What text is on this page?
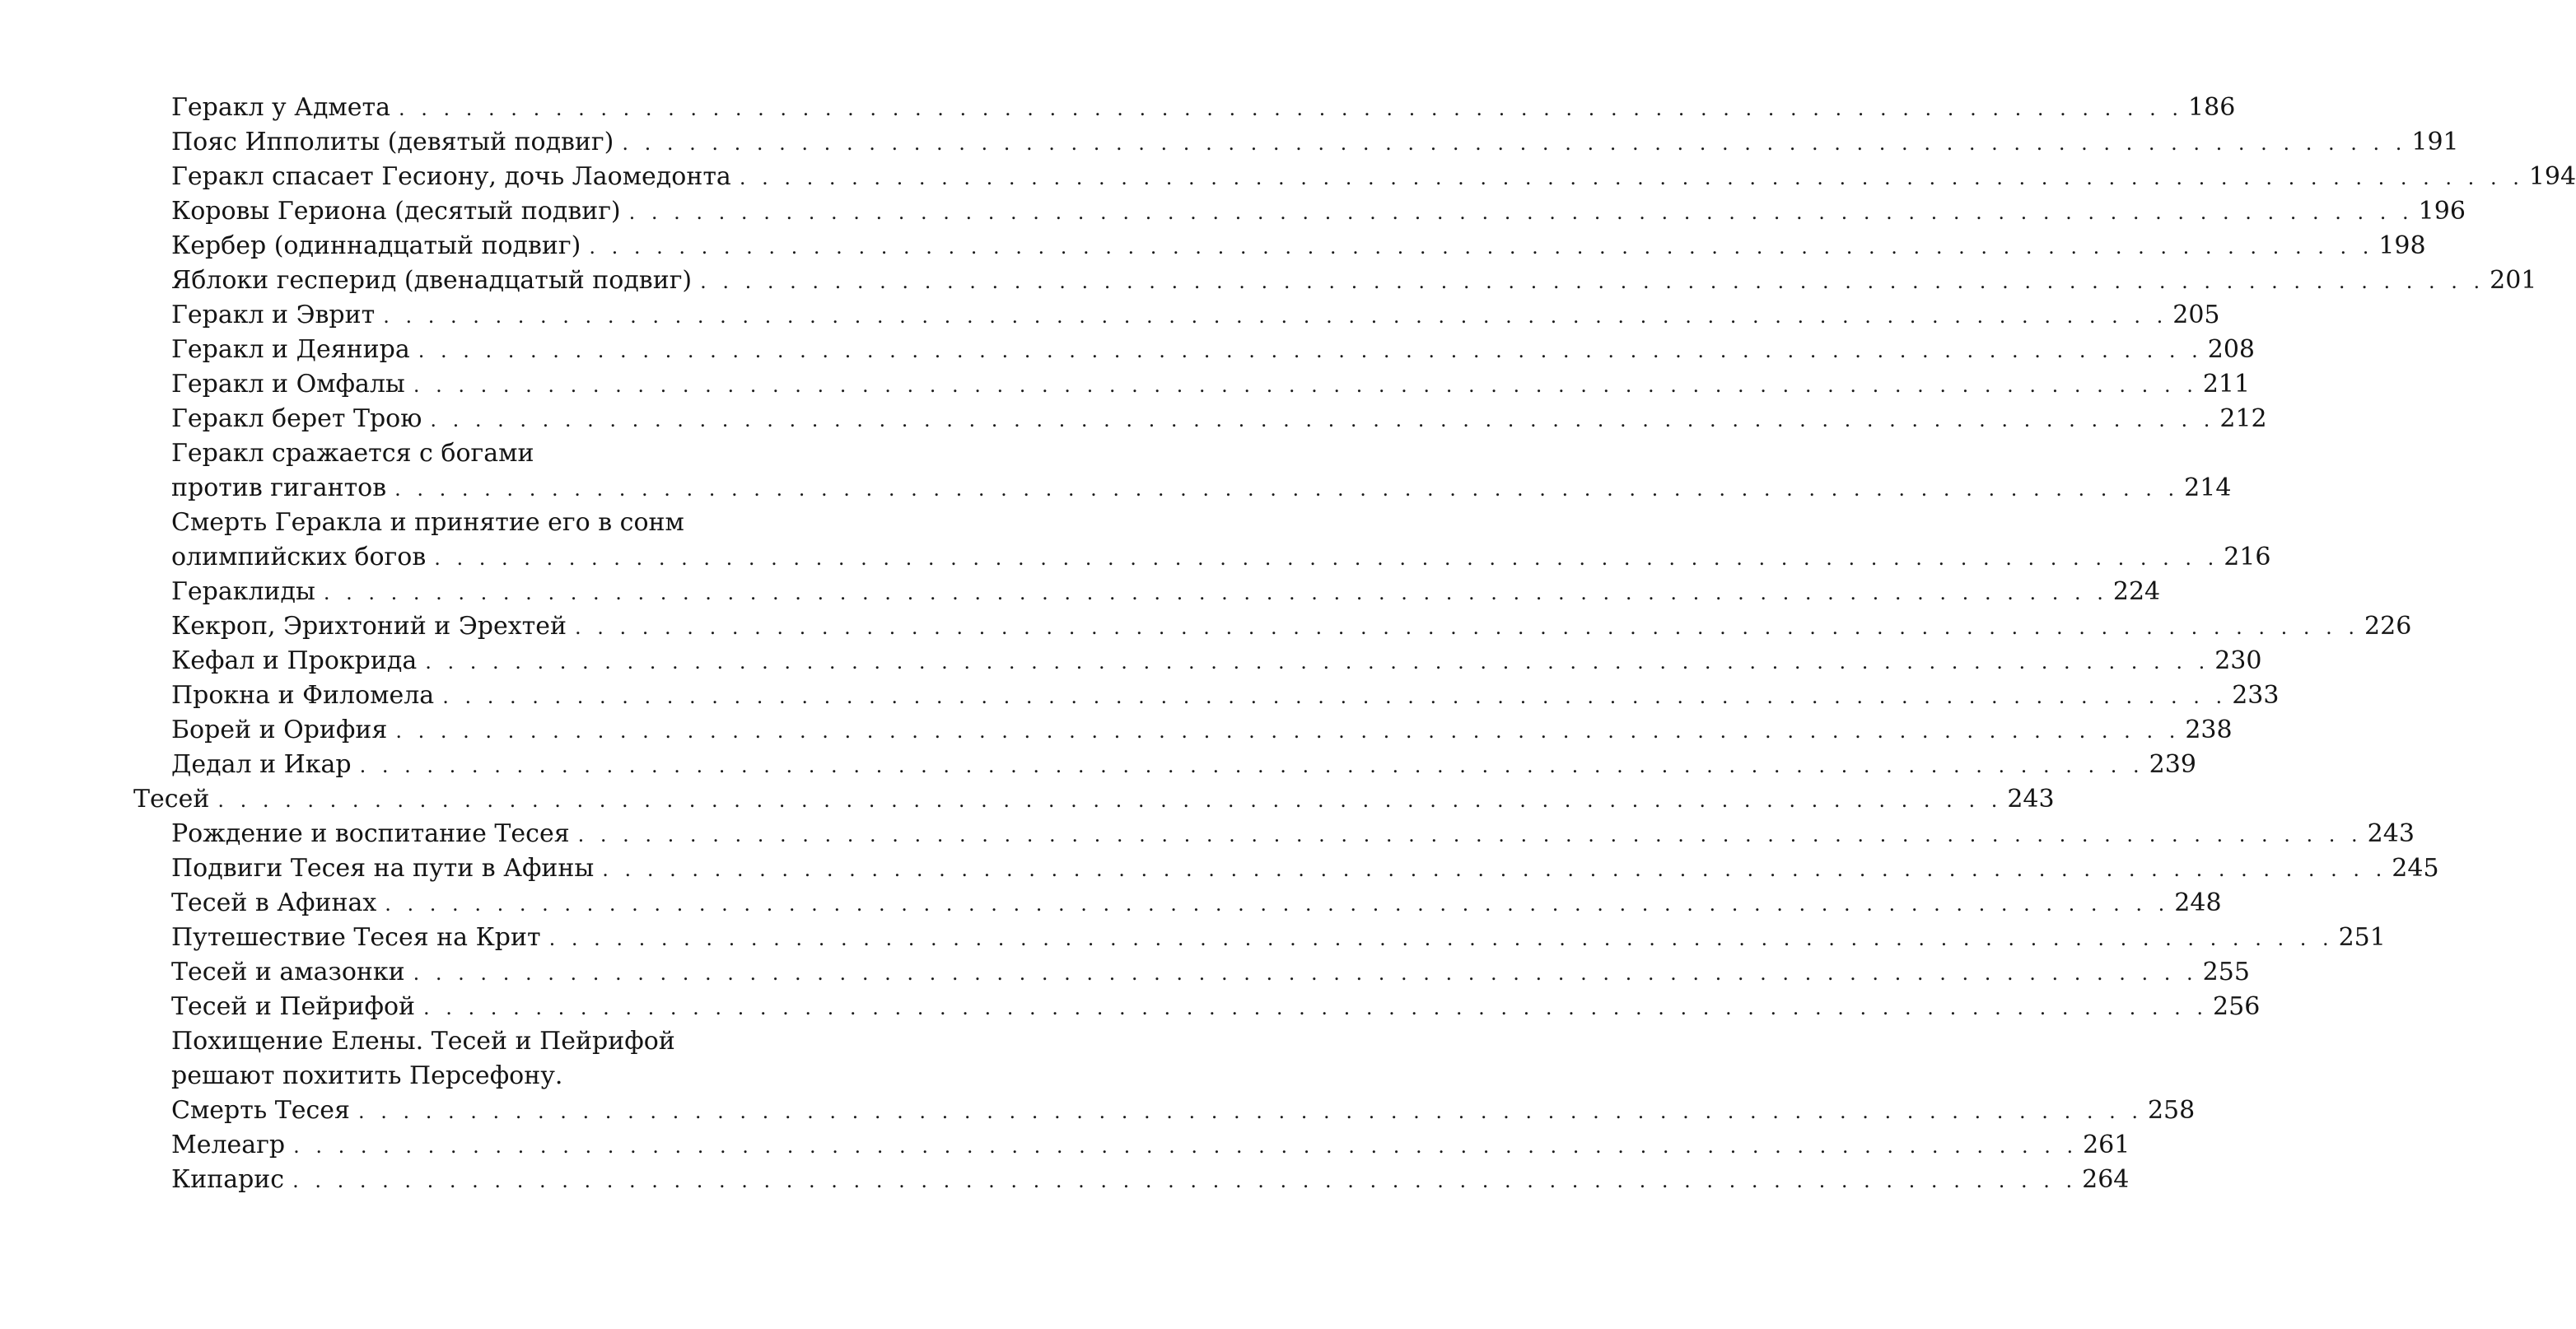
Геракл у Адмета . . . . . . . . . . . . . . . . . . . . . . . . . . . . . . . . . . . . . . . . . . . . . . . . . . . . . . . . . . . . . . . . . . . . . . . . . . . . . . . . 186
Пояс Ипполиты (девятый подвиг) . . . . . . . . . . . . . . . . . . . . . . . . . . . . . . . . . . . . . . . . . . . . . . . . . . . . . . . . . . . . . . . . . . . . . . . . . . . . . . . . 191
Геракл спасает Гесиону, дочь Лаомедонта . . . . . . . . . . . . . . . . . . . . . . . . . . . . . . . . . . . . . . . . . . . . . . . . . . . . . . . . . . . . . . . . . . . . . . . . . . . . . . . . 194
Коровы Гериона (десятый подвиг) . . . . . . . . . . . . . . . . . . . . . . . . . . . . . . . . . . . . . . . . . . . . . . . . . . . . . . . . . . . . . . . . . . . . . . . . . . . . . . . . 196
Кербер (одиннадцатый подвиг) . . . . . . . . . . . . . . . . . . . . . . . . . . . . . . . . . . . . . . . . . . . . . . . . . . . . . . . . . . . . . . . . . . . . . . . . . . . . . . . . 198
Яблоки гесперид (двенадцатый подвиг) . . . . . . . . . . . . . . . . . . . . . . . . . . . . . . . . . . . . . . . . . . . . . . . . . . . . . . . . . . . . . . . . . . . . . . . . . . . . . . . . 201
Геракл и Эврит . . . . . . . . . . . . . . . . . . . . . . . . . . . . . . . . . . . . . . . . . . . . . . . . . . . . . . . . . . . . . . . . . . . . . . . . . . . . . . . . 205
Геракл и Деянира . . . . . . . . . . . . . . . . . . . . . . . . . . . . . . . . . . . . . . . . . . . . . . . . . . . . . . . . . . . . . . . . . . . . . . . . . . . . . . . . 208
Геракл и Омфалы . . . . . . . . . . . . . . . . . . . . . . . . . . . . . . . . . . . . . . . . . . . . . . . . . . . . . . . . . . . . . . . . . . . . . . . . . . . . . . . . 211
Геракл берет Трою . . . . . . . . . . . . . . . . . . . . . . . . . . . . . . . . . . . . . . . . . . . . . . . . . . . . . . . . . . . . . . . . . . . . . . . . . . . . . . . . 212
Геракл сражается с богами
против гигантов . . . . . . . . . . . . . . . . . . . . . . . . . . . . . . . . . . . . . . . . . . . . . . . . . . . . . . . . . . . . . . . . . . . . . . . . . . . . . . . . 214
Смерть Геракла и принятие его в сонм
олимпийских богов . . . . . . . . . . . . . . . . . . . . . . . . . . . . . . . . . . . . . . . . . . . . . . . . . . . . . . . . . . . . . . . . . . . . . . . . . . . . . . . . 216
Гераклиды . . . . . . . . . . . . . . . . . . . . . . . . . . . . . . . . . . . . . . . . . . . . . . . . . . . . . . . . . . . . . . . . . . . . . . . . . . . . . . . . 224
Кекроп, Эрихтоний и Эрехтей . . . . . . . . . . . . . . . . . . . . . . . . . . . . . . . . . . . . . . . . . . . . . . . . . . . . . . . . . . . . . . . . . . . . . . . . . . . . . . . . 226
Кефал и Прокрида . . . . . . . . . . . . . . . . . . . . . . . . . . . . . . . . . . . . . . . . . . . . . . . . . . . . . . . . . . . . . . . . . . . . . . . . . . . . . . . . 230
Прокна и Филомела . . . . . . . . . . . . . . . . . . . . . . . . . . . . . . . . . . . . . . . . . . . . . . . . . . . . . . . . . . . . . . . . . . . . . . . . . . . . . . . . 233
Борей и Орифия . . . . . . . . . . . . . . . . . . . . . . . . . . . . . . . . . . . . . . . . . . . . . . . . . . . . . . . . . . . . . . . . . . . . . . . . . . . . . . . . 238
Дедал и Икар . . . . . . . . . . . . . . . . . . . . . . . . . . . . . . . . . . . . . . . . . . . . . . . . . . . . . . . . . . . . . . . . . . . . . . . . . . . . . . . . 239
Тесей . . . . . . . . . . . . . . . . . . . . . . . . . . . . . . . . . . . . . . . . . . . . . . . . . . . . . . . . . . . . . . . . . . . . . . . . . . . . . . . . 243
Рождение и воспитание Тесея . . . . . . . . . . . . . . . . . . . . . . . . . . . . . . . . . . . . . . . . . . . . . . . . . . . . . . . . . . . . . . . . . . . . . . . . . . . . . . . . 243
Подвиги Тесея на пути в Афины . . . . . . . . . . . . . . . . . . . . . . . . . . . . . . . . . . . . . . . . . . . . . . . . . . . . . . . . . . . . . . . . . . . . . . . . . . . . . . . . 245
Тесей в Афинах . . . . . . . . . . . . . . . . . . . . . . . . . . . . . . . . . . . . . . . . . . . . . . . . . . . . . . . . . . . . . . . . . . . . . . . . . . . . . . . . 248
Путешествие Тесея на Крит . . . . . . . . . . . . . . . . . . . . . . . . . . . . . . . . . . . . . . . . . . . . . . . . . . . . . . . . . . . . . . . . . . . . . . . . . . . . . . . . 251
Тесей и амазонки . . . . . . . . . . . . . . . . . . . . . . . . . . . . . . . . . . . . . . . . . . . . . . . . . . . . . . . . . . . . . . . . . . . . . . . . . . . . . . . . 255
Тесей и Пейрифой . . . . . . . . . . . . . . . . . . . . . . . . . . . . . . . . . . . . . . . . . . . . . . . . . . . . . . . . . . . . . . . . . . . . . . . . . . . . . . . . 256
Похищение Елены. Тесей и Пейрифой
решают похитить Персефону.
Смерть Тесея . . . . . . . . . . . . . . . . . . . . . . . . . . . . . . . . . . . . . . . . . . . . . . . . . . . . . . . . . . . . . . . . . . . . . . . . . . . . . . . . 258
Мелеагр . . . . . . . . . . . . . . . . . . . . . . . . . . . . . . . . . . . . . . . . . . . . . . . . . . . . . . . . . . . . . . . . . . . . . . . . . . . . . . . . 261
Кипарис . . . . . . . . . . . . . . . . . . . . . . . . . . . . . . . . . . . . . . . . . . . . . . . . . . . . . . . . . . . . . . . . . . . . . . . . . . . . . . . . 264
